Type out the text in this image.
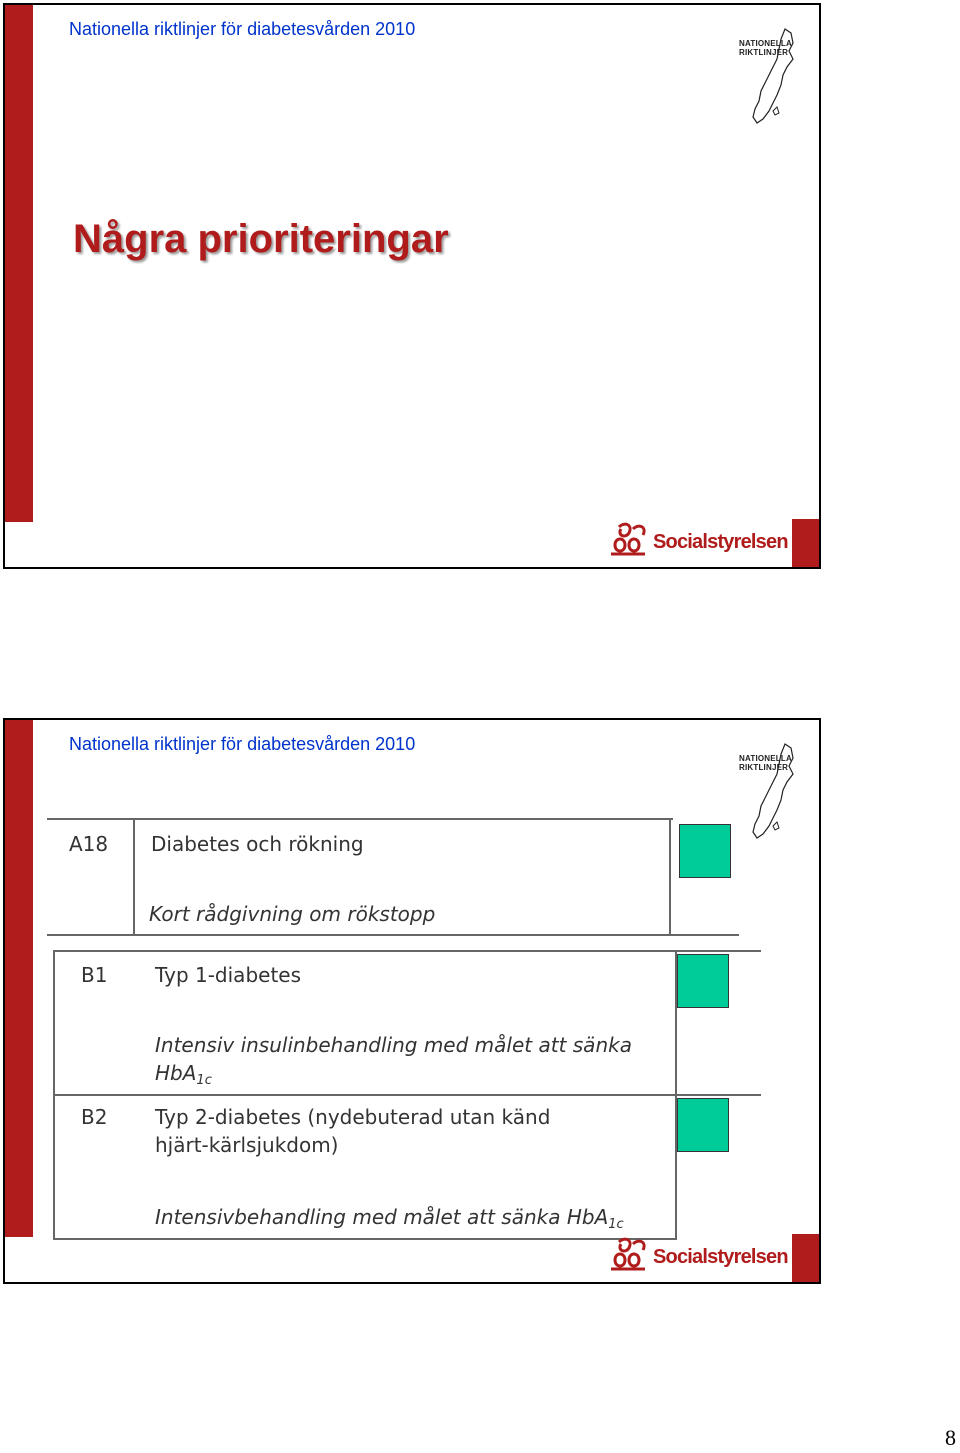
Nationella riktlinjer för diabetesvården 2010
NATIONELLA RIKTLINJER
Några prioriteringar
Socialstyrelsen
Nationella riktlinjer för diabetesvården 2010
NATIONELLA RIKTLINJER
A18 Diabetes och rökning
Kort rådgivning om rökstopp
B1 Typ 1-diabetes
Intensiv insulinbehandling med målet att sänka
HbA$_{1c}$
B2 Typ 2-diabetes (nydebuterad utan känd
hjärt-kärlsjukdom)
Intensivbehandling med målet att sänka HbA$_{1c}$
Socialstyrelsen
8
